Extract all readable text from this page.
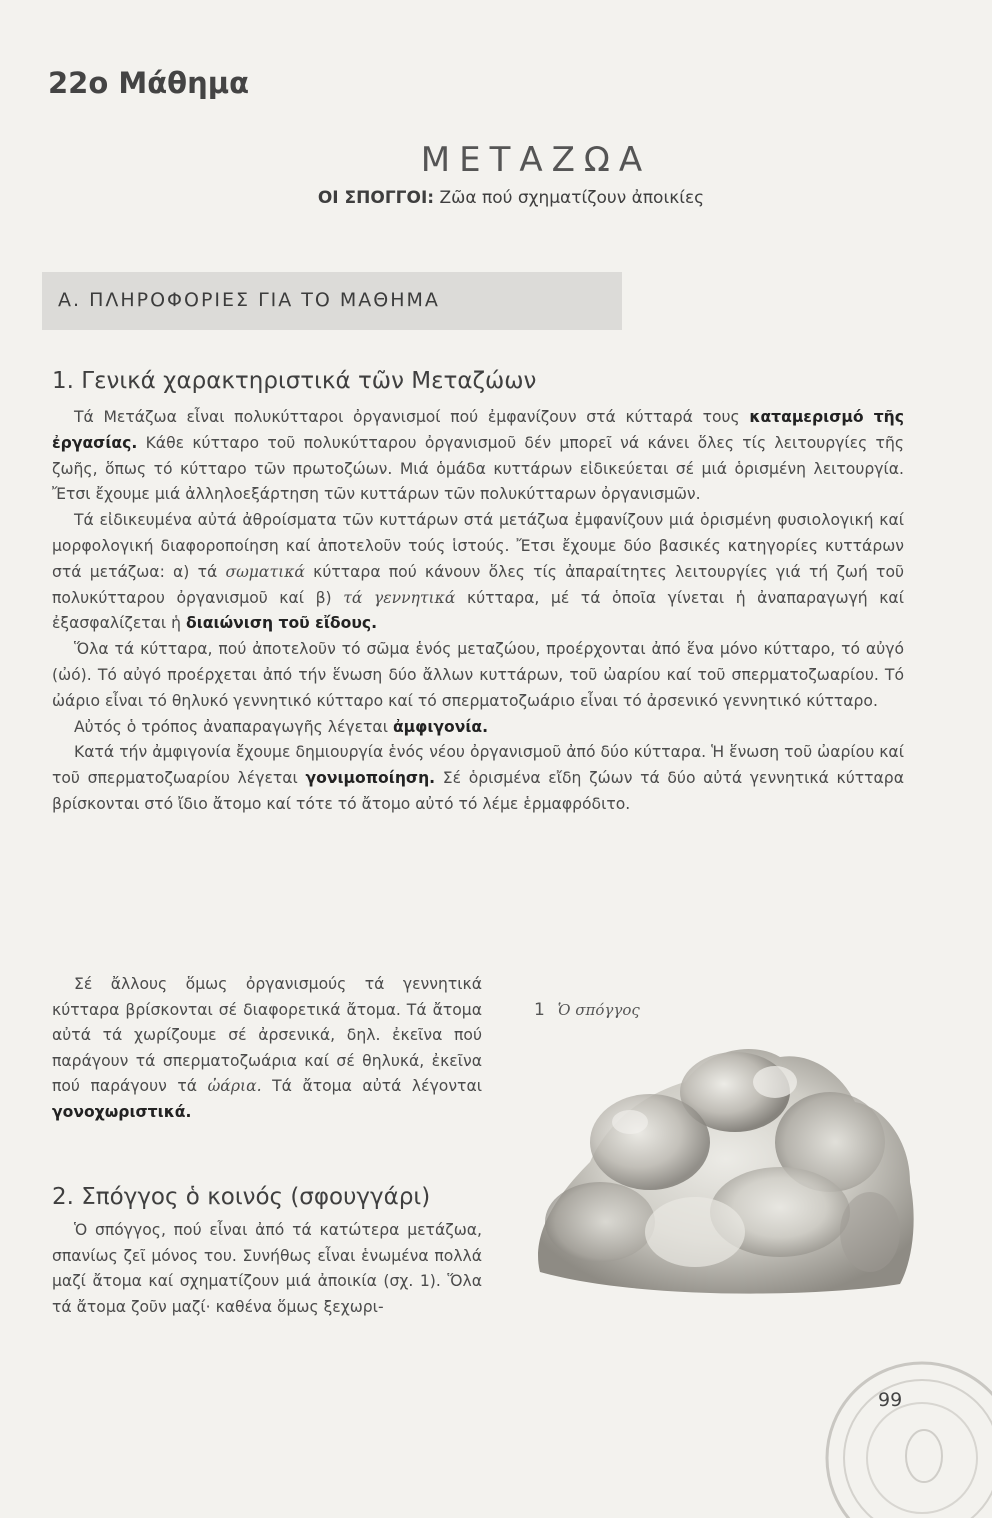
22ο Μάθημα
ΜΕΤΑΖΩΑ
ΟΙ ΣΠΟΓΓΟΙ: Ζῶα πού σχηματίζουν ἀποικίες
Α. ΠΛΗΡΟΦΟΡΙΕΣ ΓΙΑ ΤΟ ΜΑΘΗΜΑ
1. Γενικά χαρακτηριστικά τῶν Μεταζώων

Τά Μετάζωα εἶναι πολυκύτταροι ὀργανισμοί πού ἐμφανίζουν στά κύτταρά τους καταμερισμό τῆς ἐργασίας. Κάθε κύτταρο τοῦ πολυκύτταρου ὀργανισμοῦ δέν μπορεῖ νά κάνει ὅλες τίς λειτουργίες τῆς ζωῆς, ὅπως τό κύτταρο τῶν πρωτοζώων. Μιά ὁμάδα κυττάρων εἰδικεύεται σέ μιά ὁρισμένη λειτουργία. Ἔτσι ἔχουμε μιά ἀλληλοεξάρτηση τῶν κυττάρων τῶν πολυκύτταρων ὀργανισμῶν.

Τά εἰδικευμένα αὐτά ἀθροίσματα τῶν κυττάρων στά μετάζωα ἐμφανίζουν μιά ὁρισμένη φυσιολογική καί μορφολογική διαφοροποίηση καί ἀποτελοῦν τούς ἱστούς. Ἔτσι ἔχουμε δύο βασικές κατηγορίες κυττάρων στά μετάζωα: α) τά σωματικά κύτταρα πού κάνουν ὅλες τίς ἀπαραίτητες λειτουργίες γιά τή ζωή τοῦ πολυκύτταρου ὀργανισμοῦ καί β) τά γεννητικά κύτταρα, μέ τά ὁποῖα γίνεται ἡ ἀναπαραγωγή καί ἐξασφαλίζεται ἡ διαιώνιση τοῦ εἴδους.

Ὅλα τά κύτταρα, πού ἀποτελοῦν τό σῶμα ἑνός μεταζώου, προέρχονται ἀπό ἕνα μόνο κύτταρο, τό αὐγό (ὠό). Τό αὐγό προέρχεται ἀπό τήν ἕνωση δύο ἄλλων κυττάρων, τοῦ ὠαρίου καί τοῦ σπερματοζωαρίου. Τό ὠάριο εἶναι τό θηλυκό γεννητικό κύτταρο καί τό σπερματοζωάριο εἶναι τό ἀρσενικό γεννητικό κύτταρο.

Αὐτός ὁ τρόπος ἀναπαραγωγῆς λέγεται ἀμφιγονία.

Κατά τήν ἀμφιγονία ἔχουμε δημιουργία ἑνός νέου ὀργανισμοῦ ἀπό δύο κύτταρα. Ἡ ἕνωση τοῦ ὠαρίου καί τοῦ σπερματοζωαρίου λέγεται γονιμοποίηση. Σέ ὁρισμένα εἴδη ζώων τά δύο αὐτά γεννητικά κύτταρα βρίσκονται στό ἴδιο ἄτομο καί τότε τό ἄτομο αὐτό τό λέμε ἑρμαφρόδιτο.

Σέ ἄλλους ὅμως ὀργανισμούς τά γεννητικά κύτταρα βρίσκονται σέ διαφορετικά ἄτομα. Τά ἄτομα αὐτά τά χωρίζουμε σέ ἀρσενικά, δηλ. ἐκεῖνα πού παράγουν τά σπερματοζωάρια καί σέ θηλυκά, ἐκεῖνα πού παράγουν τά ὠάρια. Τά ἄτομα αὐτά λέγονται γονοχωριστικά.

2. Σπόγγος ὁ κοινός (σφουγγάρι)

Ὁ σπόγγος, πού εἶναι ἀπό τά κατώτερα μετάζωα, σπανίως ζεῖ μόνος του. Συνήθως εἶναι ἑνωμένα πολλά μαζί ἄτομα καί σχηματίζουν μιά ἀποικία (σχ. 1). Ὅλα τά ἄτομα ζοῦν μαζί· καθένα ὅμως ξεχωρι-

1 Ὁ σπόγγος
99
